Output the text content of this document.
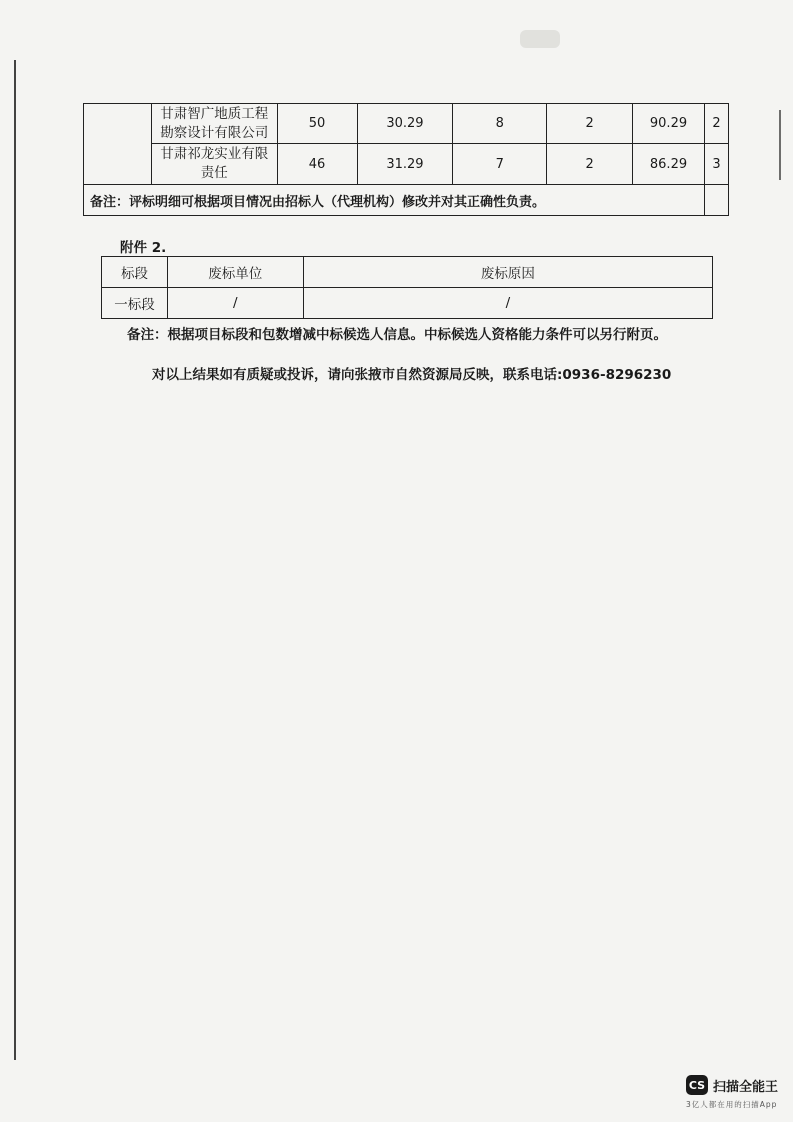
	甘肃智广地质工程
勘察设计有限公司	50	30.29	8	2	90.29	2
	甘肃祁龙实业有限
责任	46	31.29	7	2	86.29	3
备注：评标明细可根据项目情况由招标人（代理机构）修改并对其正确性负责。							
附件 2.
标段	废标单位	废标原因
一标段	/	/
备注：根据项目标段和包数增减中标候选人信息。中标候选人资格能力条件可以另行附页。
对以上结果如有质疑或投诉，请向张掖市自然资源局反映，联系电话:0936-8296230
CS 扫描全能王
3亿人都在用的扫描App
